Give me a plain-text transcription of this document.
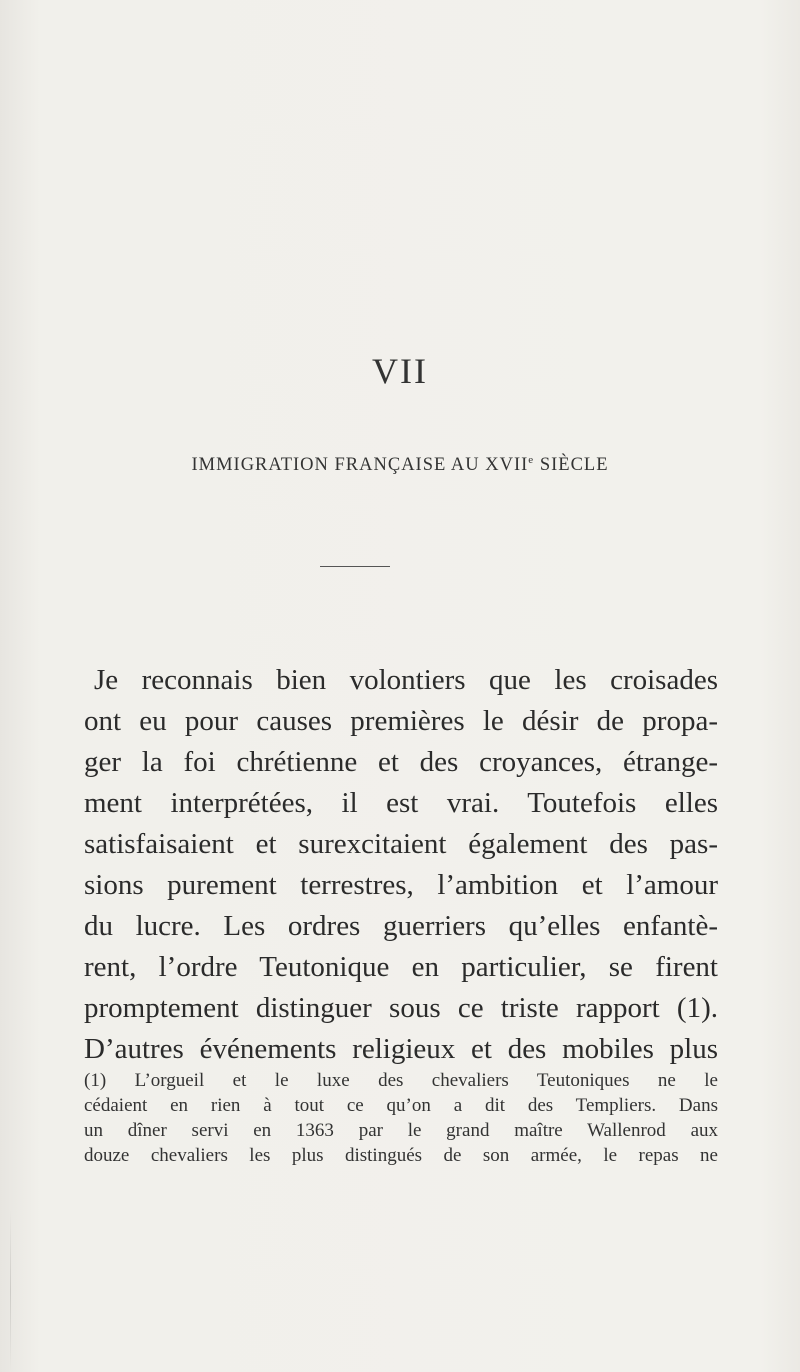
VII
IMMIGRATION FRANÇAISE AU XVIIe SIÈCLE
Je reconnais bien volontiers que les croisades
ont eu pour causes premières le désir de propa-
ger la foi chrétienne et des croyances, étrange-
ment interprétées, il est vrai. Toutefois elles
satisfaisaient et surexcitaient également des pas-
sions purement terrestres, l’ambition et l’amour
du lucre. Les ordres guerriers qu’elles enfantè-
rent, l’ordre Teutonique en particulier, se firent
promptement distinguer sous ce triste rapport (1).
D’autres événements religieux et des mobiles plus
(1) L’orgueil et le luxe des chevaliers Teutoniques ne le
cédaient en rien à tout ce qu’on a dit des Templiers. Dans
un dîner servi en 1363 par le grand maître Wallenrod aux
douze chevaliers les plus distingués de son armée, le repas ne
